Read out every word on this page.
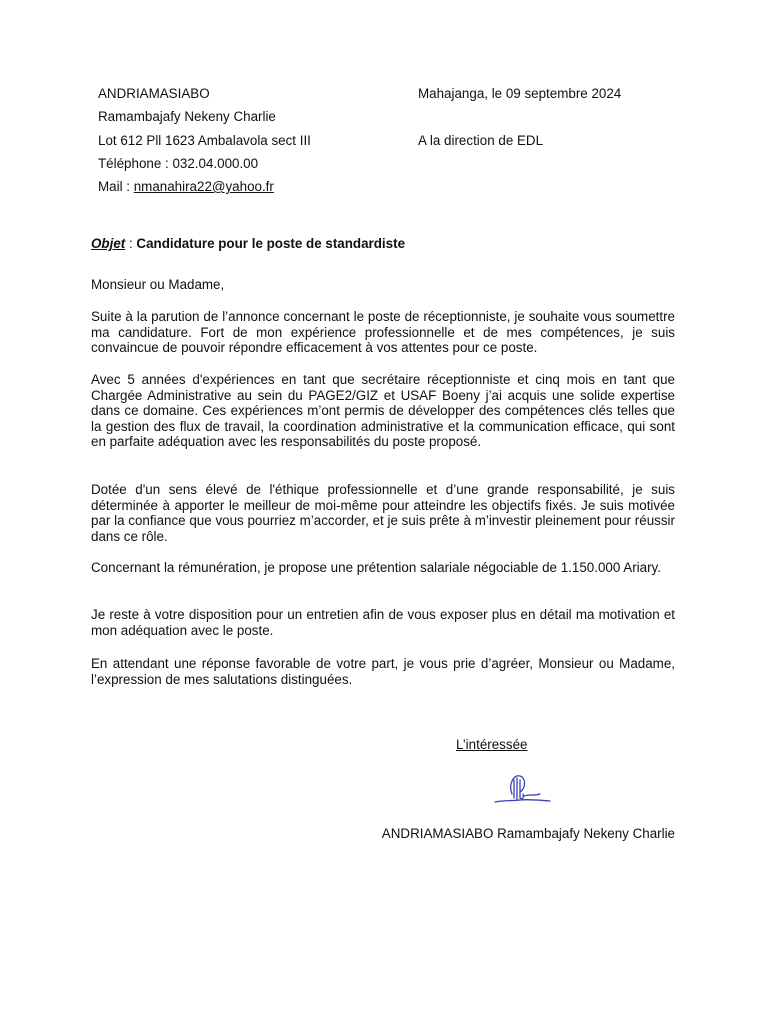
ANDRIAMASIABO
Ramambajafy Nekeny Charlie
Lot 612 Pll 1623 Ambalavola sect III
Téléphone : 032.04.000.00
Mail : nmanahira22@yahoo.fr
Mahajanga, le 09 septembre 2024
A la direction de EDL
Objet : Candidature pour le poste de standardiste
Monsieur ou Madame,

Suite à la parution de l’annonce concernant le poste de réceptionniste, je souhaite vous soumettre ma candidature. Fort de mon expérience professionnelle et de mes compétences, je suis convaincue de pouvoir répondre efficacement à vos attentes pour ce poste.

Avec 5 années d'expériences en tant que secrétaire réceptionniste et cinq mois en tant que Chargée Administrative au sein du PAGE2/GIZ et USAF Boeny j’ai acquis une solide expertise dans ce domaine. Ces expériences m’ont permis de développer des compétences clés telles que la gestion des flux de travail, la coordination administrative et la communication efficace, qui sont en parfaite adéquation avec les responsabilités du poste proposé.

Dotée d'un sens élevé de l'éthique professionnelle et d’une grande responsabilité, je suis déterminée à apporter le meilleur de moi-même pour atteindre les objectifs fixés. Je suis motivée par la confiance que vous pourriez m’accorder, et je suis prête à m’investir pleinement pour réussir dans ce rôle.

Concernant la rémunération, je propose une prétention salariale négociable de 1.150.000 Ariary.

Je reste à votre disposition pour un entretien afin de vous exposer plus en détail ma motivation et mon adéquation avec le poste.

En attendant une réponse favorable de votre part, je vous prie d’agréer, Monsieur ou Madame, l’expression de mes salutations distinguées.

L’intéressée
ANDRIAMASIABO Ramambajafy Nekeny Charlie
